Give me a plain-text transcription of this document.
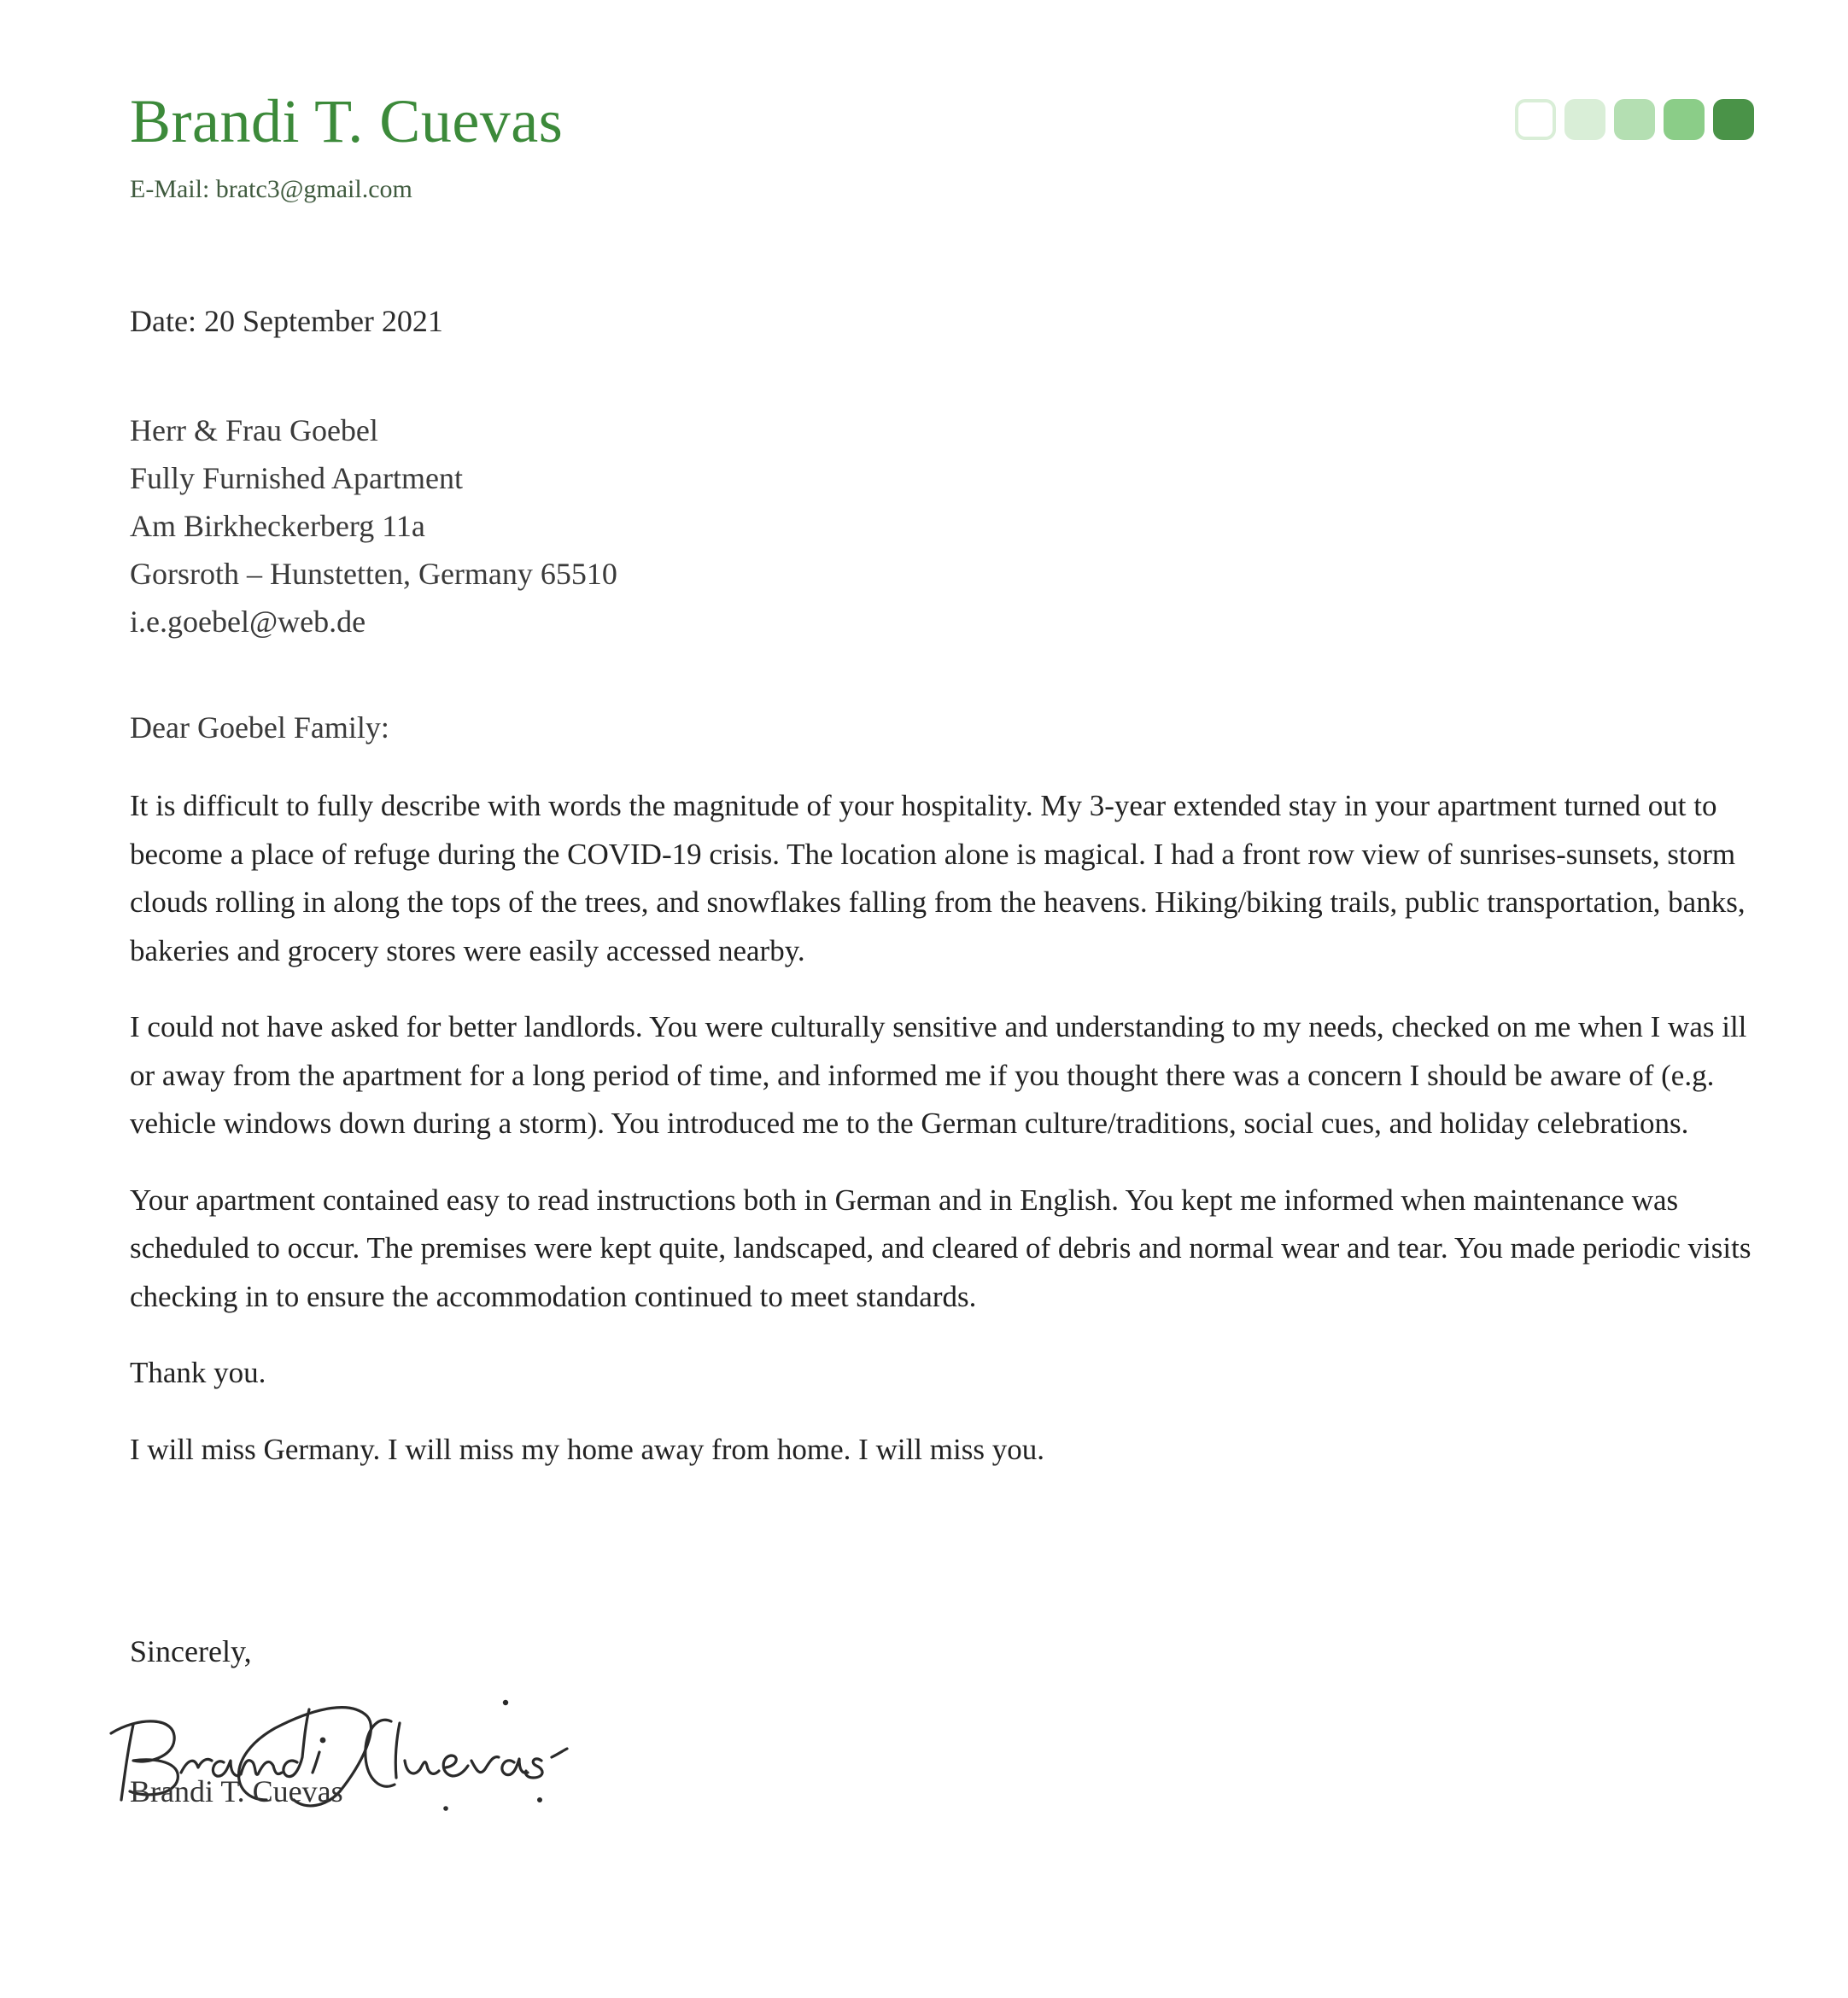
Brandi T. Cuevas
E-Mail: bratc3@gmail.com
Date: 20 September 2021
Herr & Frau Goebel
Fully Furnished Apartment
Am Birkheckerberg 11a
Gorsroth – Hunstetten, Germany 65510
i.e.goebel@web.de
Dear Goebel Family:

It is difficult to fully describe with words the magnitude of your hospitality. My 3-year extended stay in your apartment turned out to become a place of refuge during the COVID-19 crisis. The location alone is magical. I had a front row view of sunrises-sunsets, storm clouds rolling in along the tops of the trees, and snowflakes falling from the heavens. Hiking/biking trails, public transportation, banks, bakeries and grocery stores were easily accessed nearby.

I could not have asked for better landlords. You were culturally sensitive and understanding to my needs, checked on me when I was ill or away from the apartment for a long period of time, and informed me if you thought there was a concern I should be aware of (e.g. vehicle windows down during a storm). You introduced me to the German culture/traditions, social cues, and holiday celebrations.

Your apartment contained easy to read instructions both in German and in English. You kept me informed when maintenance was scheduled to occur. The premises were kept quite, landscaped, and cleared of debris and normal wear and tear. You made periodic visits checking in to ensure the accommodation continued to meet standards.

Thank you.

I will miss Germany. I will miss my home away from home. I will miss you.

Sincerely,
Brandi T. Cuevas
